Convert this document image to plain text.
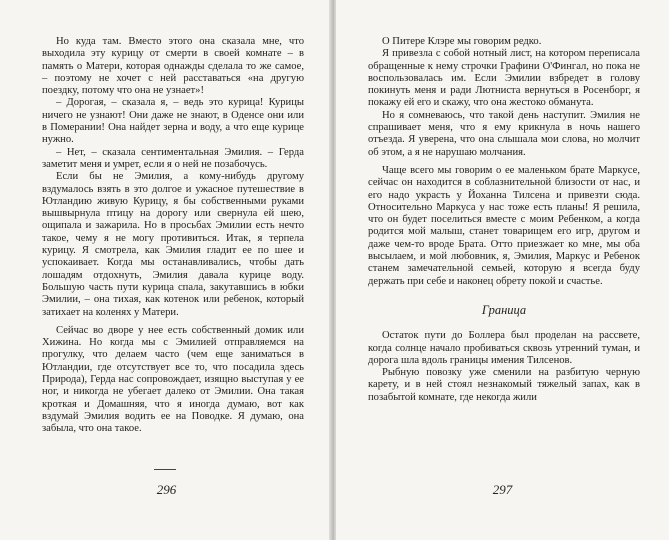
Но куда там. Вместо этого она сказала мне, что выходила эту курицу от смерти в своей комнате – в память о Матери, которая однажды сделала то же самое, – поэтому не хочет с ней расставаться «на другую поездку, потому что она не узнает»!

– Дорогая, – сказала я, – ведь это курица! Курицы ничего не узнают! Они даже не знают, в Оденсе они или в Померании! Она найдет зерна и воду, а что еще курице нужно.

– Нет, – сказала сентиментальная Эмилия. – Герда заметит меня и умрет, если я о ней не позабочусь.

Если бы не Эмилия, а кому-нибудь другому вздумалось взять в это долгое и ужасное путешествие в Ютландию живую Курицу, я бы собственными руками вышвырнула птицу на дорогу или свернула ей шею, ощипала и зажарила. Но в просьбах Эмилии есть нечто такое, чему я не могу противиться. Итак, я терпела курицу. Я смотрела, как Эмилия гладит ее по шее и успокаивает. Когда мы останавливались, чтобы дать лошадям отдохнуть, Эмилия давала курице воду. Большую часть пути курица спала, закутавшись в юбки Эмилии, – она тихая, как котенок или ребенок, который затихает на коленях у Матери.

Сейчас во дворе у нее есть собственный домик или Хижина. Но когда мы с Эмилией отправляемся на прогулку, что делаем часто (чем еще заниматься в Ютландии, где отсутствует все то, что посадила здесь Природа), Герда нас сопровождает, изящно выступая у ее ног, и никогда не убегает далеко от Эмилии. Она такая кроткая и Домашняя, что я иногда думаю, вот как вздумай Эмилия водить ее на Поводке. Я думаю, она забыла, что она такое.

296

О Питере Клэре мы говорим редко.

Я привезла с собой нотный лист, на котором переписала обращенные к нему строчки Графини О'Фингал, но пока не воспользовалась им. Если Эмилии взбредет в голову покинуть меня и ради Лютниста вернуться в Росенборг, я покажу ей его и скажу, что она жестоко обманута.

Но я сомневаюсь, что такой день наступит. Эмилия не спрашивает меня, что я ему крикнула в ночь нашего отъезда. Я уверена, что она слышала мои слова, но молчит об этом, а я не нарушаю молчания.

Чаще всего мы говорим о ее маленьком брате Маркусе, сейчас он находится в соблазнительной близости от нас, и его надо украсть у Йоханна Тилсена и привезти сюда. Относительно Маркуса у нас тоже есть планы! Я решила, что он будет поселиться вместе с моим Ребенком, а когда родится мой малыш, станет товарищем его игр, другом и даже чем-то вроде Брата. Отто приезжает ко мне, мы оба высылаем, и мой любовник, я, Эмилия, Маркус и Ребенок станем замечательной семьей, которую я всегда буду держать при себе и наконец обрету покой и счастье.

Граница

Остаток пути до Боллера был проделан на рассвете, когда солнце начало пробиваться сквозь утренний туман, и дорога шла вдоль границы имения Тилсенов.

Рыбную повозку уже сменили на разбитую черную карету, и в ней стоял незнакомый тяжелый запах, как в позабытой комнате, где некогда жили

297
